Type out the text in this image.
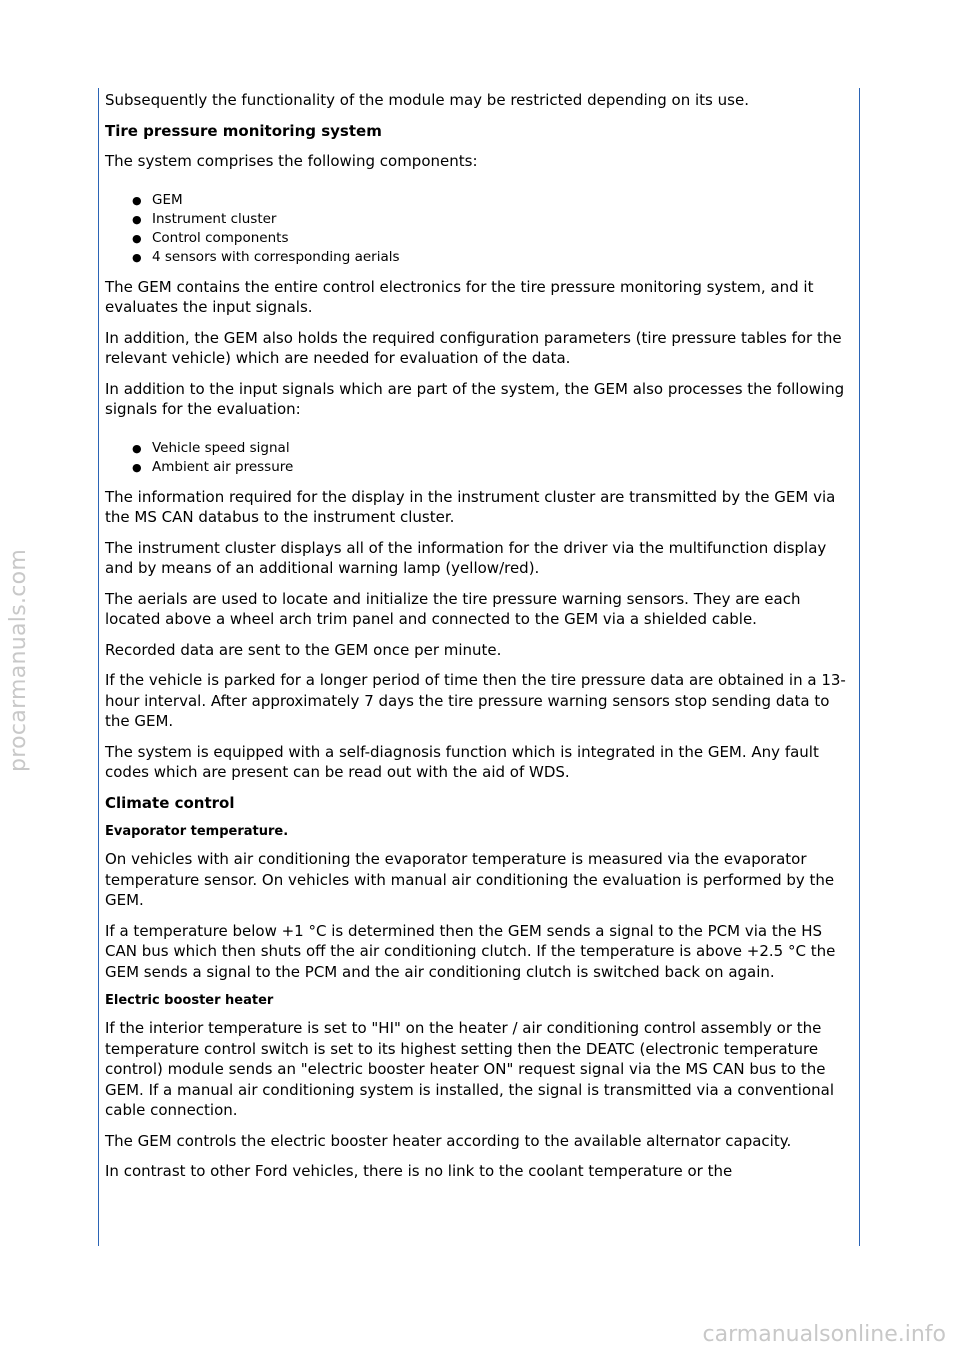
Subsequently the functionality of the module may be restricted depending on its use.

Tire pressure monitoring system

The system comprises the following components:

● GEM
● Instrument cluster
● Control components
● 4 sensors with corresponding aerials

The GEM contains the entire control electronics for the tire pressure monitoring system, and it evaluates the input signals.

In addition, the GEM also holds the required configuration parameters (tire pressure tables for the relevant vehicle) which are needed for evaluation of the data.

In addition to the input signals which are part of the system, the GEM also processes the following signals for the evaluation:

● Vehicle speed signal
● Ambient air pressure

The information required for the display in the instrument cluster are transmitted by the GEM via the MS CAN databus to the instrument cluster.

The instrument cluster displays all of the information for the driver via the multifunction display and by means of an additional warning lamp (yellow/red).

The aerials are used to locate and initialize the tire pressure warning sensors. They are each located above a wheel arch trim panel and connected to the GEM via a shielded cable.

Recorded data are sent to the GEM once per minute.

If the vehicle is parked for a longer period of time then the tire pressure data are obtained in a 13-hour interval. After approximately 7 days the tire pressure warning sensors stop sending data to the GEM.

The system is equipped with a self-diagnosis function which is integrated in the GEM. Any fault codes which are present can be read out with the aid of WDS.

Climate control
Evaporator temperature.

On vehicles with air conditioning the evaporator temperature is measured via the evaporator temperature sensor. On vehicles with manual air conditioning the evaluation is performed by the GEM.

If a temperature below +1 °C is determined then the GEM sends a signal to the PCM via the HS CAN bus which then shuts off the air conditioning clutch. If the temperature is above +2.5 °C the GEM sends a signal to the PCM and the air conditioning clutch is switched back on again.

Electric booster heater

If the interior temperature is set to "HI" on the heater / air conditioning control assembly or the temperature control switch is set to its highest setting then the DEATC (electronic temperature control) module sends an "electric booster heater ON" request signal via the MS CAN bus to the GEM. If a manual air conditioning system is installed, the signal is transmitted via a conventional cable connection.

The GEM controls the electric booster heater according to the available alternator capacity.

In contrast to other Ford vehicles, there is no link to the coolant temperature or the

procarmanuals.com
carmanualsonline.info
